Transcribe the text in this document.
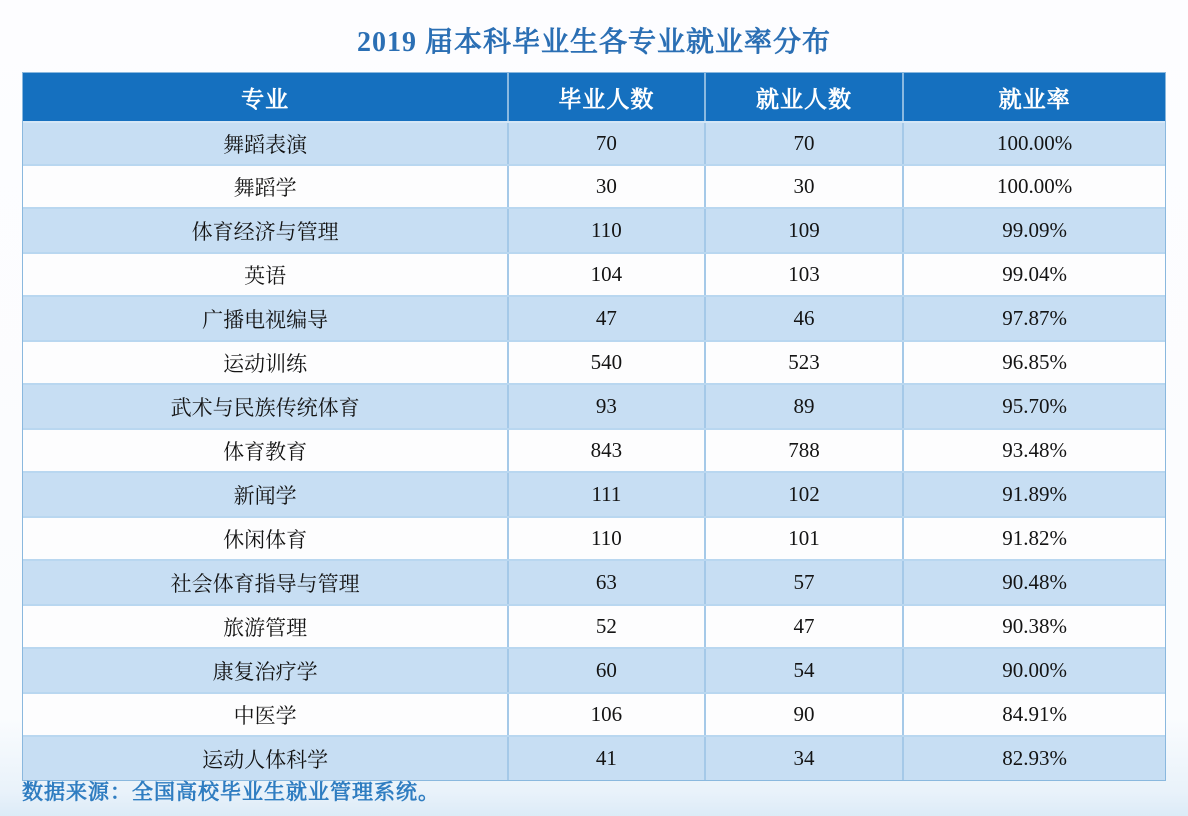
2019 届本科毕业生各专业就业率分布
专业	毕业人数	就业人数	就业率
舞蹈表演	70	70	100.00%
舞蹈学	30	30	100.00%
体育经济与管理	110	109	99.09%
英语	104	103	99.04%
广播电视编导	47	46	97.87%
运动训练	540	523	96.85%
武术与民族传统体育	93	89	95.70%
体育教育	843	788	93.48%
新闻学	111	102	91.89%
休闲体育	110	101	91.82%
社会体育指导与管理	63	57	90.48%
旅游管理	52	47	90.38%
康复治疗学	60	54	90.00%
中医学	106	90	84.91%
运动人体科学	41	34	82.93%
数据来源：全国高校毕业生就业管理系统。
